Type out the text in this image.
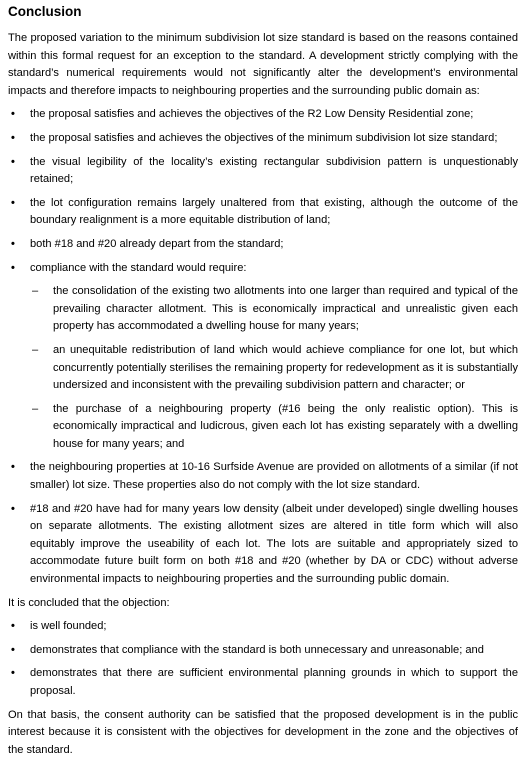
Conclusion

The proposed variation to the minimum subdivision lot size standard is based on the reasons contained within this formal request for an exception to the standard. A development strictly complying with the standard’s numerical requirements would not significantly alter the development’s environmental impacts and therefore impacts to neighbouring properties and the surrounding public domain as:

• the proposal satisfies and achieves the objectives of the R2 Low Density Residential zone;
• the proposal satisfies and achieves the objectives of the minimum subdivision lot size standard;
• the visual legibility of the locality’s existing rectangular subdivision pattern is unquestionably retained;
• the lot configuration remains largely unaltered from that existing, although the outcome of the boundary realignment is a more equitable distribution of land;
• both #18 and #20 already depart from the standard;
• compliance with the standard would require:
– the consolidation of the existing two allotments into one larger than required and typical of the prevailing character allotment. This is economically impractical and unrealistic given each property has accommodated a dwelling house for many years;
– an unequitable redistribution of land which would achieve compliance for one lot, but which concurrently potentially sterilises the remaining property for redevelopment as it is substantially undersized and inconsistent with the prevailing subdivision pattern and character; or
– the purchase of a neighbouring property (#16 being the only realistic option). This is economically impractical and ludicrous, given each lot has existing separately with a dwelling house for many years; and
• the neighbouring properties at 10-16 Surfside Avenue are provided on allotments of a similar (if not smaller) lot size. These properties also do not comply with the lot size standard.
• #18 and #20 have had for many years low density (albeit under developed) single dwelling houses on separate allotments. The existing allotment sizes are altered in title form which will also equitably improve the useability of each lot. The lots are suitable and appropriately sized to accommodate future built form on both #18 and #20 (whether by DA or CDC) without adverse environmental impacts to neighbouring properties and the surrounding public domain.

It is concluded that the objection:

• is well founded;
• demonstrates that compliance with the standard is both unnecessary and unreasonable; and
• demonstrates that there are sufficient environmental planning grounds in which to support the proposal.

On that basis, the consent authority can be satisfied that the proposed development is in the public interest because it is consistent with the objectives for development in the zone and the objectives of the standard.
